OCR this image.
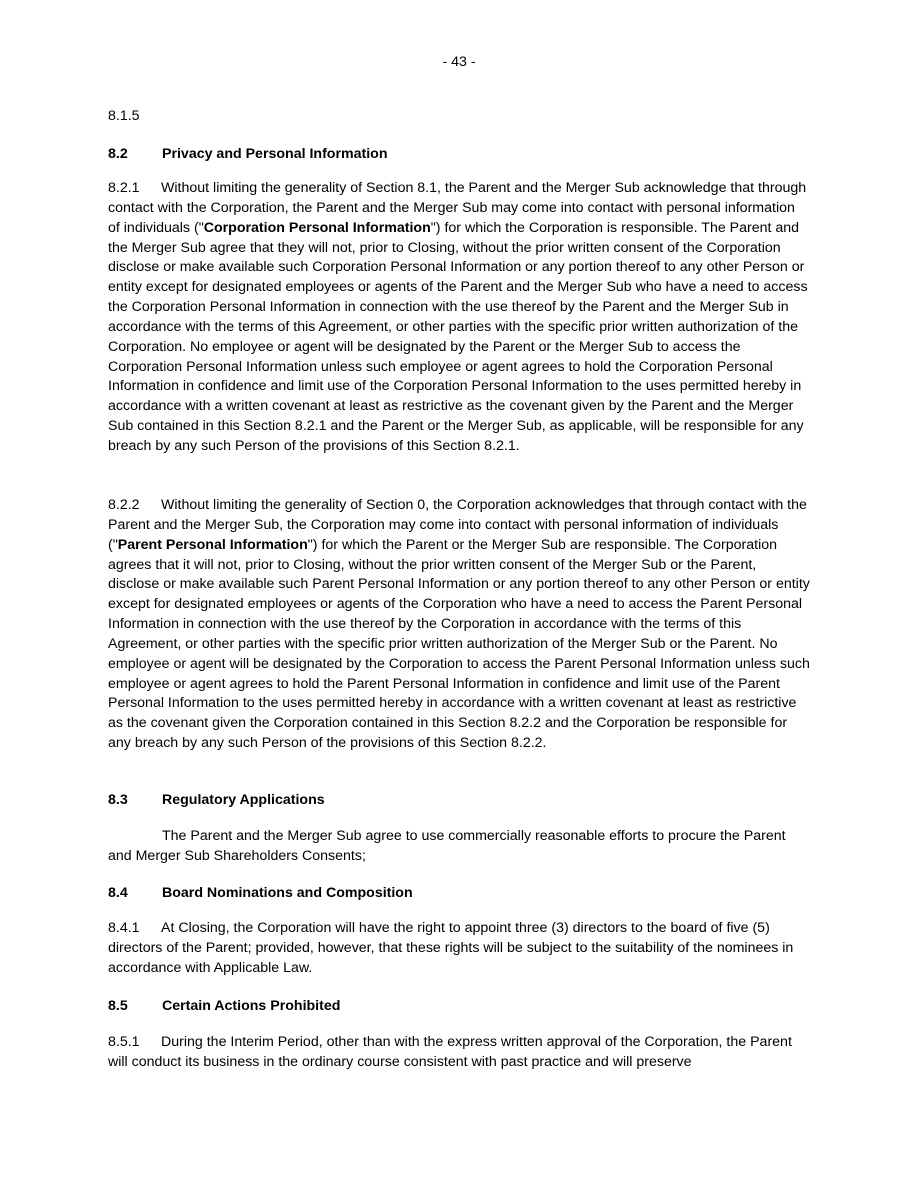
- 43 -
8.1.5
8.2 Privacy and Personal Information
8.2.1 Without limiting the generality of Section 8.1, the Parent and the Merger Sub acknowledge that through contact with the Corporation, the Parent and the Merger Sub may come into contact with personal information of individuals ("Corporation Personal Information") for which the Corporation is responsible. The Parent and the Merger Sub agree that they will not, prior to Closing, without the prior written consent of the Corporation disclose or make available such Corporation Personal Information or any portion thereof to any other Person or entity except for designated employees or agents of the Parent and the Merger Sub who have a need to access the Corporation Personal Information in connection with the use thereof by the Parent and the Merger Sub in accordance with the terms of this Agreement, or other parties with the specific prior written authorization of the Corporation. No employee or agent will be designated by the Parent or the Merger Sub to access the Corporation Personal Information unless such employee or agent agrees to hold the Corporation Personal Information in confidence and limit use of the Corporation Personal Information to the uses permitted hereby in accordance with a written covenant at least as restrictive as the covenant given by the Parent and the Merger Sub contained in this Section 8.2.1 and the Parent or the Merger Sub, as applicable, will be responsible for any breach by any such Person of the provisions of this Section 8.2.1.
8.2.2 Without limiting the generality of Section 0, the Corporation acknowledges that through contact with the Parent and the Merger Sub, the Corporation may come into contact with personal information of individuals ("Parent Personal Information") for which the Parent or the Merger Sub are responsible. The Corporation agrees that it will not, prior to Closing, without the prior written consent of the Merger Sub or the Parent, disclose or make available such Parent Personal Information or any portion thereof to any other Person or entity except for designated employees or agents of the Corporation who have a need to access the Parent Personal Information in connection with the use thereof by the Corporation in accordance with the terms of this Agreement, or other parties with the specific prior written authorization of the Merger Sub or the Parent. No employee or agent will be designated by the Corporation to access the Parent Personal Information unless such employee or agent agrees to hold the Parent Personal Information in confidence and limit use of the Parent Personal Information to the uses permitted hereby in accordance with a written covenant at least as restrictive as the covenant given the Corporation contained in this Section 8.2.2 and the Corporation be responsible for any breach by any such Person of the provisions of this Section 8.2.2.
8.3 Regulatory Applications
The Parent and the Merger Sub agree to use commercially reasonable efforts to procure the Parent and Merger Sub Shareholders Consents;
8.4 Board Nominations and Composition
8.4.1 At Closing, the Corporation will have the right to appoint three (3) directors to the board of five (5) directors of the Parent; provided, however, that these rights will be subject to the suitability of the nominees in accordance with Applicable Law.
8.5 Certain Actions Prohibited
8.5.1 During the Interim Period, other than with the express written approval of the Corporation, the Parent will conduct its business in the ordinary course consistent with past practice and will preserve
